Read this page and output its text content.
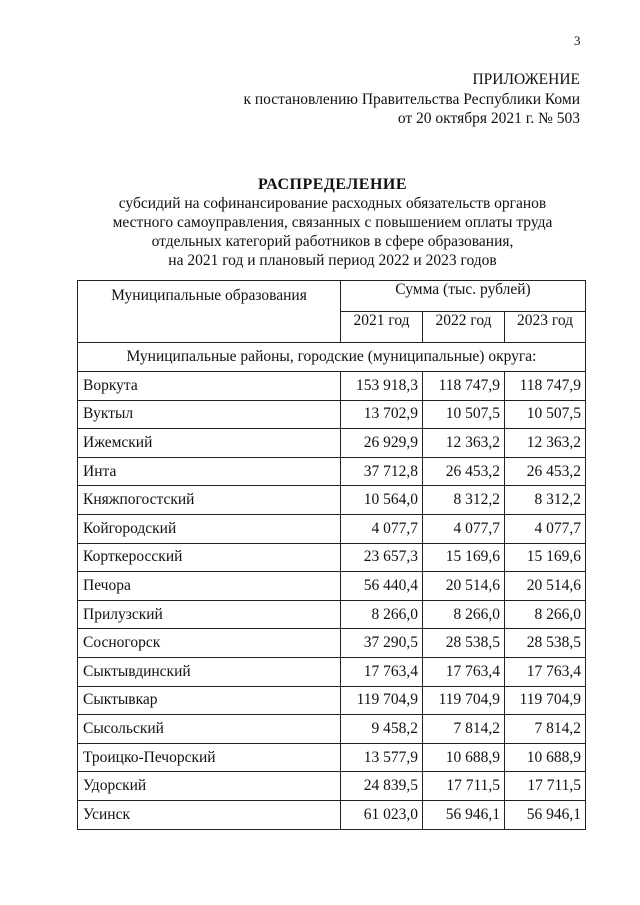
3
ПРИЛОЖЕНИЕ
к постановлению Правительства Республики Коми
от 20 октября 2021 г. № 503
РАСПРЕДЕЛЕНИЕ
субсидий на софинансирование расходных обязательств органов
местного самоуправления, связанных с повышением оплаты труда
отдельных категорий работников в сфере образования,
на 2021 год и плановый период 2022 и 2023 годов
Муниципальные образования	Сумма (тыс. рублей)		
	2021 год	2022 год	2023 год
Муниципальные районы, городские (муниципальные) округа:			
Воркута	153 918,3	118 747,9	118 747,9
Вуктыл	13 702,9	10 507,5	10 507,5
Ижемский	26 929,9	12 363,2	12 363,2
Инта	37 712,8	26 453,2	26 453,2
Княжпогостский	10 564,0	8 312,2	8 312,2
Койгородский	4 077,7	4 077,7	4 077,7
Корткеросский	23 657,3	15 169,6	15 169,6
Печора	56 440,4	20 514,6	20 514,6
Прилузский	8 266,0	8 266,0	8 266,0
Сосногорск	37 290,5	28 538,5	28 538,5
Сыктывдинский	17 763,4	17 763,4	17 763,4
Сыктывкар	119 704,9	119 704,9	119 704,9
Сысольский	9 458,2	7 814,2	7 814,2
Троицко-Печорский	13 577,9	10 688,9	10 688,9
Удорский	24 839,5	17 711,5	17 711,5
Усинск	61 023,0	56 946,1	56 946,1
